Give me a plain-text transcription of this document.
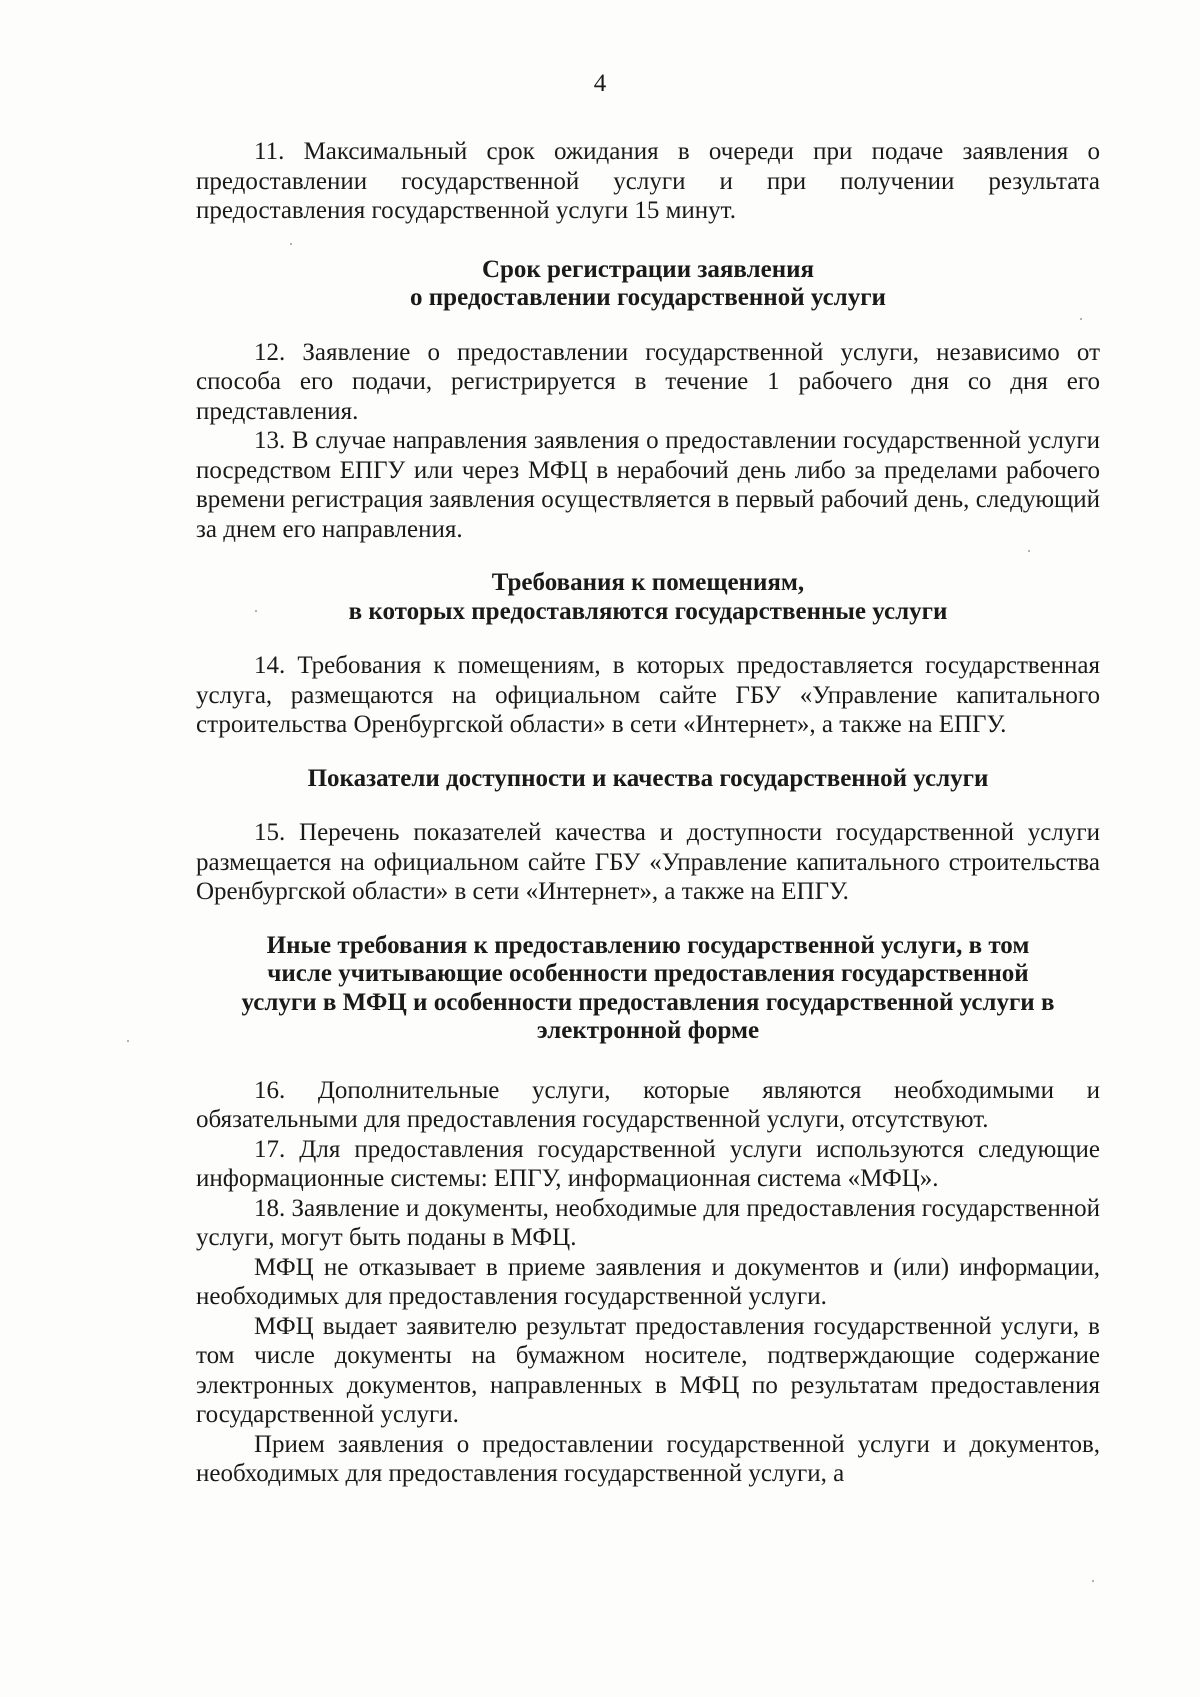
4

11. Максимальный срок ожидания в очереди при подаче заявления о предоставлении государственной услуги и при получении результата предоставления государственной услуги 15 минут.

Срок регистрации заявления

о предоставлении государственной услуги

12. Заявление о предоставлении государственной услуги, независимо от способа его подачи, регистрируется в течение 1 рабочего дня со дня его представления.

13. В случае направления заявления о предоставлении государственной услуги посредством ЕПГУ или через МФЦ в нерабочий день либо за пределами рабочего времени регистрация заявления осуществляется в первый рабочий день, следующий за днем его направления.

Требования к помещениям,

в которых предоставляются государственные услуги

14. Требования к помещениям, в которых предоставляется государственная услуга, размещаются на официальном сайте ГБУ «Управление капитального строительства Оренбургской области» в сети «Интернет», а также на ЕПГУ.

Показатели доступности и качества государственной услуги

15. Перечень показателей качества и доступности государственной услуги размещается на официальном сайте ГБУ «Управление капитального строительства Оренбургской области» в сети «Интернет», а также на ЕПГУ.

Иные требования к предоставлению государственной услуги, в том

числе учитывающие особенности предоставления государственной

услуги в МФЦ и особенности предоставления государственной услуги в

электронной форме

16. Дополнительные услуги, которые являются необходимыми и обязательными для предоставления государственной услуги, отсутствуют.

17. Для предоставления государственной услуги используются следующие информационные системы: ЕПГУ, информационная система «МФЦ».

18. Заявление и документы, необходимые для предоставления государственной услуги, могут быть поданы в МФЦ.

МФЦ не отказывает в приеме заявления и документов и (или) информации, необходимых для предоставления государственной услуги.

МФЦ выдает заявителю результат предоставления государственной услуги, в том числе документы на бумажном носителе, подтверждающие содержание электронных документов, направленных в МФЦ по результатам предоставления государственной услуги.

Прием заявления о предоставлении государственной услуги и документов, необходимых для предоставления государственной услуги, а
